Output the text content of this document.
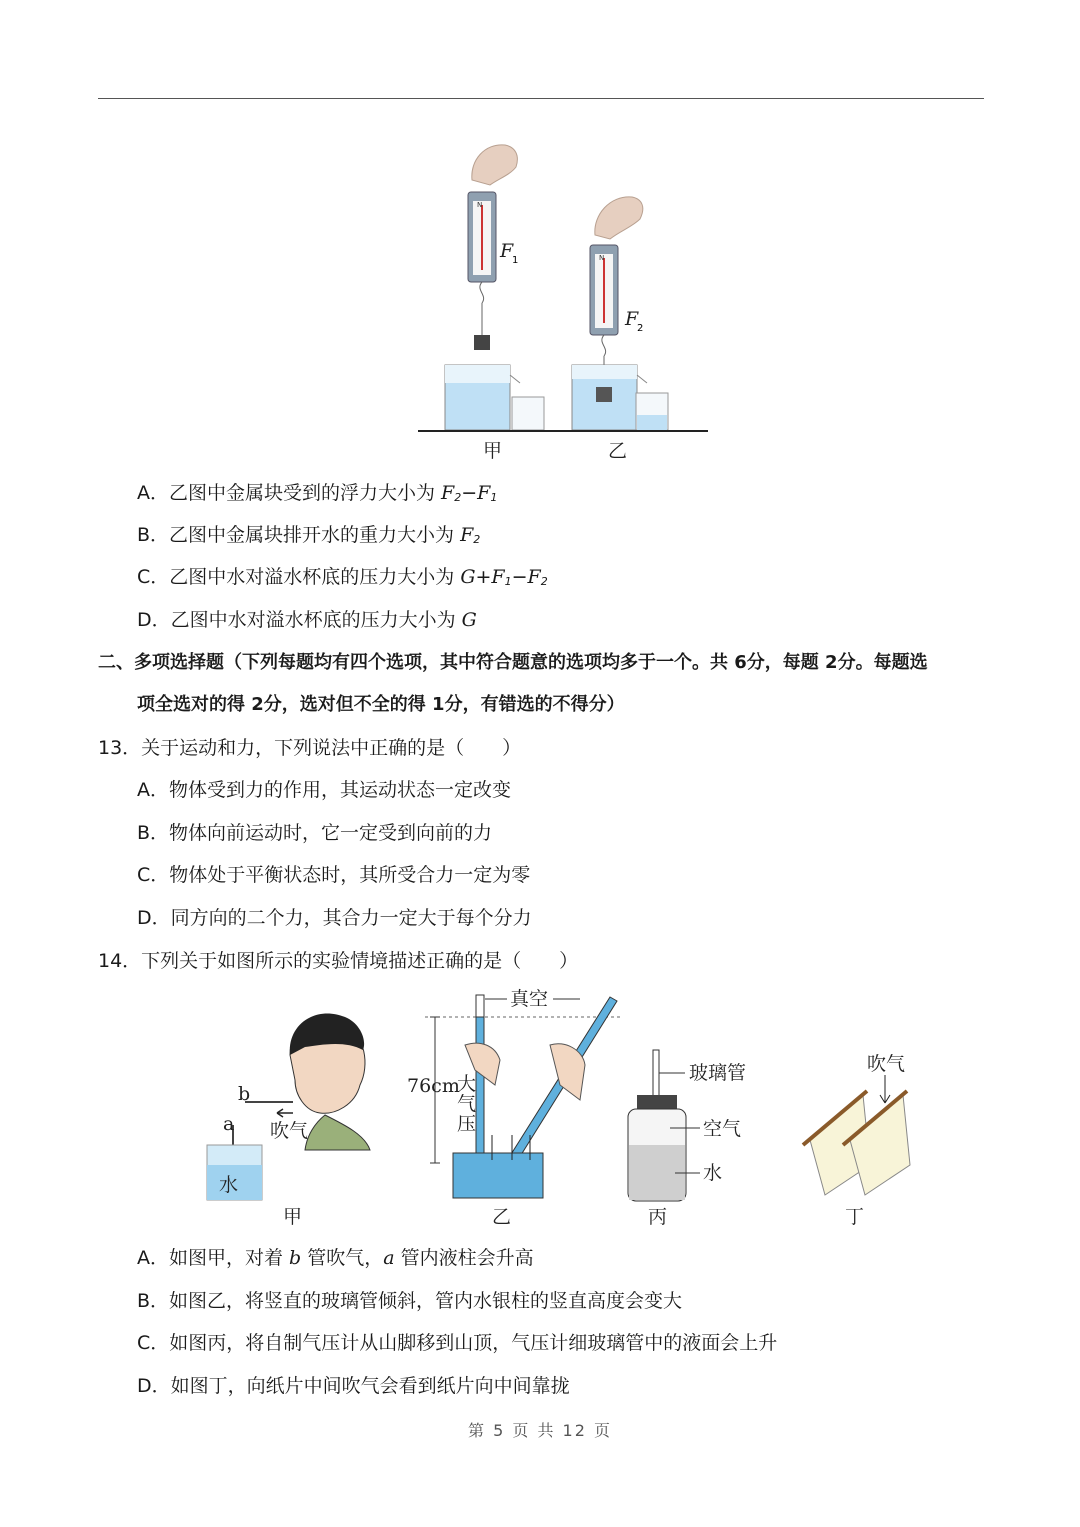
N
F
1	N
F
2
甲	乙
A．乙图中金属块受到的浮力大小为 $F_2-F_1$
B．乙图中金属块排开水的重力大小为 $F_2$
C．乙图中水对溢水杯底的压力大小为 $G+F_1-F_2$
D．乙图中水对溢水杯底的压力大小为 G
二、多项选择题（下列每题均有四个选项，其中符合题意的选项均多于一个。共 6分，每题 2分。每题选
项全选对的得 2分，选对但不全的得 1分，有错选的不得分）
13．关于运动和力，下列说法中正确的是（　　）
A．物体受到力的作用，其运动状态一定改变
B．物体向前运动时，它一定受到向前的力
C．物体处于平衡状态时，其所受合力一定为零
D．同方向的二个力，其合力一定大于每个分力
14．下列关于如图所示的实验情境描述正确的是（　　）
b
a 吹气
水
甲
76cm
大
气
压
真空
乙
玻璃管
空气
水
丙
吹气
丁
A．如图甲，对着 b 管吹气，a 管内液柱会升高
B．如图乙，将竖直的玻璃管倾斜，管内水银柱的竖直高度会变大
C．如图丙，将自制气压计从山脚移到山顶，气压计细玻璃管中的液面会上升
D．如图丁，向纸片中间吹气会看到纸片向中间靠拢
第 5 页 共 12 页
